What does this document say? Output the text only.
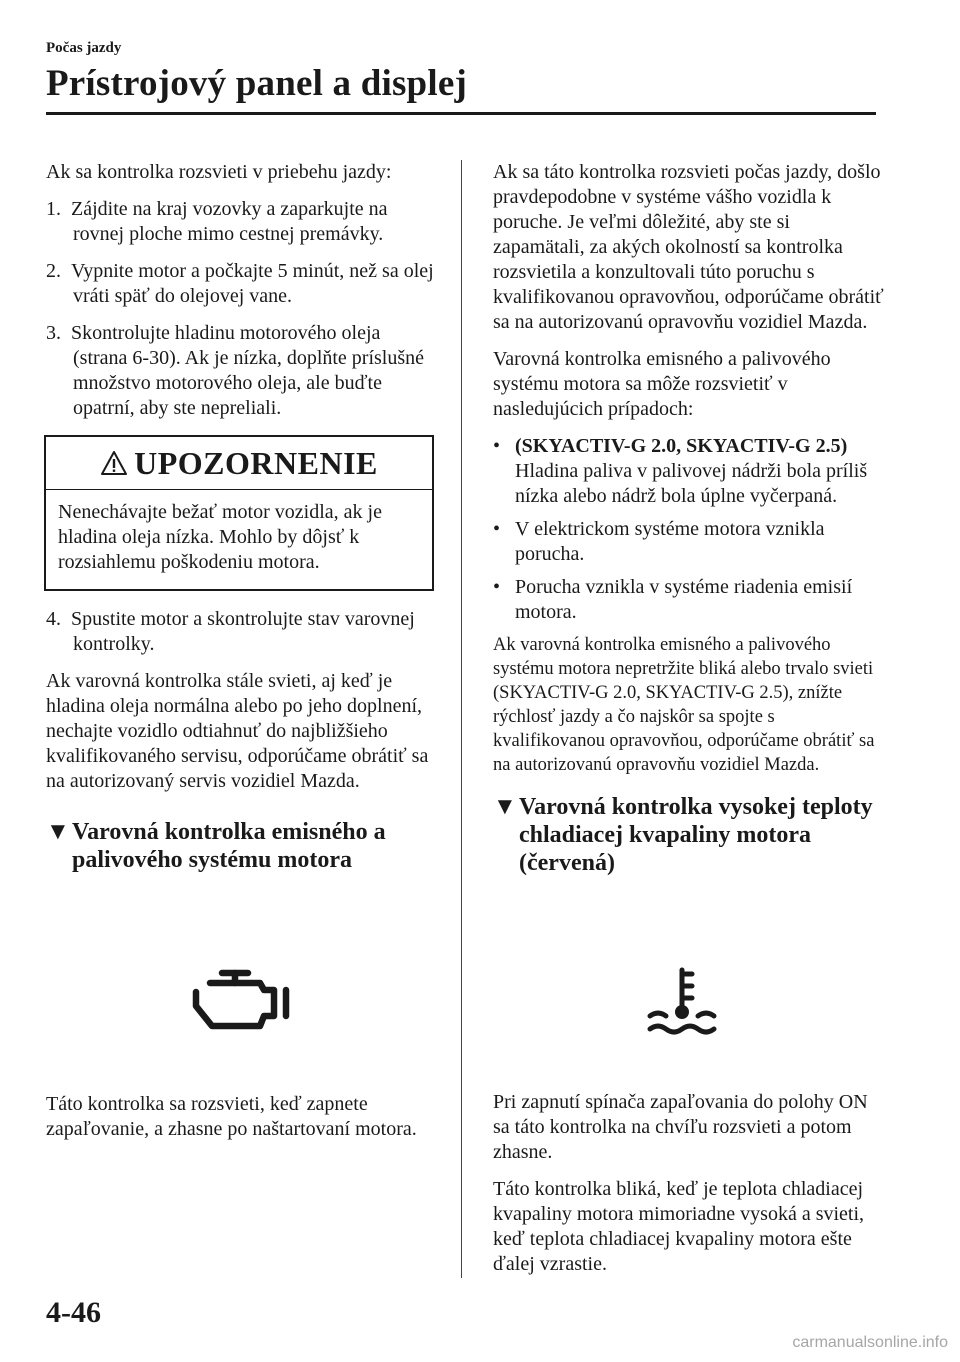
Počas jazdy
Prístrojový panel a displej

Ak sa kontrolka rozsvieti v priebehu jazdy:

1.  Zájdite na kraj vozovky a zaparkujte na rovnej ploche mimo cestnej premávky.

2.  Vypnite motor a počkajte 5 minút, než sa olej vráti späť do olejovej vane.

3.  Skontrolujte hladinu motorového oleja (strana 6-30). Ak je nízka, doplňte príslušné množstvo motorového oleja, ale buďte opatrní, aby ste nepreliali.

UPOZORNENIE
Nenechávajte bežať motor vozidla, ak je hladina oleja nízka. Mohlo by dôjsť k rozsiahlemu poškodeniu motora.

4.  Spustite motor a skontrolujte stav varovnej kontrolky.

Ak varovná kontrolka stále svieti, aj keď je hladina oleja normálna alebo po jeho doplnení, nechajte vozidlo odtiahnuť do najbližšieho kvalifikovaného servisu, odporúčame obrátiť sa na autorizovaný servis vozidiel Mazda.

▼Varovná kontrolka emisného a palivového systému motora

Táto kontrolka sa rozsvieti, keď zapnete zapaľovanie, a zhasne po naštartovaní motora.

Ak sa táto kontrolka rozsvieti počas jazdy, došlo pravdepodobne v systéme vášho vozidla k poruche. Je veľmi dôležité, aby ste si zapamätali, za akých okolností sa kontrolka rozsvietila a konzultovali túto poruchu s kvalifikovanou opravovňou, odporúčame obrátiť sa na autorizovanú opravovňu vozidiel Mazda.

Varovná kontrolka emisného a palivového systému motora sa môže rozsvietiť v nasledujúcich prípadoch:

• (SKYACTIV-G 2.0, SKYACTIV-G 2.5)
Hladina paliva v palivovej nádrži bola príliš nízka alebo nádrž bola úplne vyčerpaná.
• V elektrickom systéme motora vznikla porucha.
• Porucha vznikla v systéme riadenia emisií motora.

Ak varovná kontrolka emisného a palivového systému motora nepretržite bliká alebo trvalo svieti (SKYACTIV-G 2.0, SKYACTIV-G 2.5), znížte rýchlosť jazdy a čo najskôr sa spojte s kvalifikovanou opravovňou, odporúčame obrátiť sa na autorizovanú opravovňu vozidiel Mazda.

▼Varovná kontrolka vysokej teploty chladiacej kvapaliny motora (červená)

Pri zapnutí spínača zapaľovania do polohy ON sa táto kontrolka na chvíľu rozsvieti a potom zhasne.

Táto kontrolka bliká, keď je teplota chladiacej kvapaliny motora mimoriadne vysoká a svieti, keď teplota chladiacej kvapaliny motora ešte ďalej vzrastie.

4-46
carmanualsonline.info
